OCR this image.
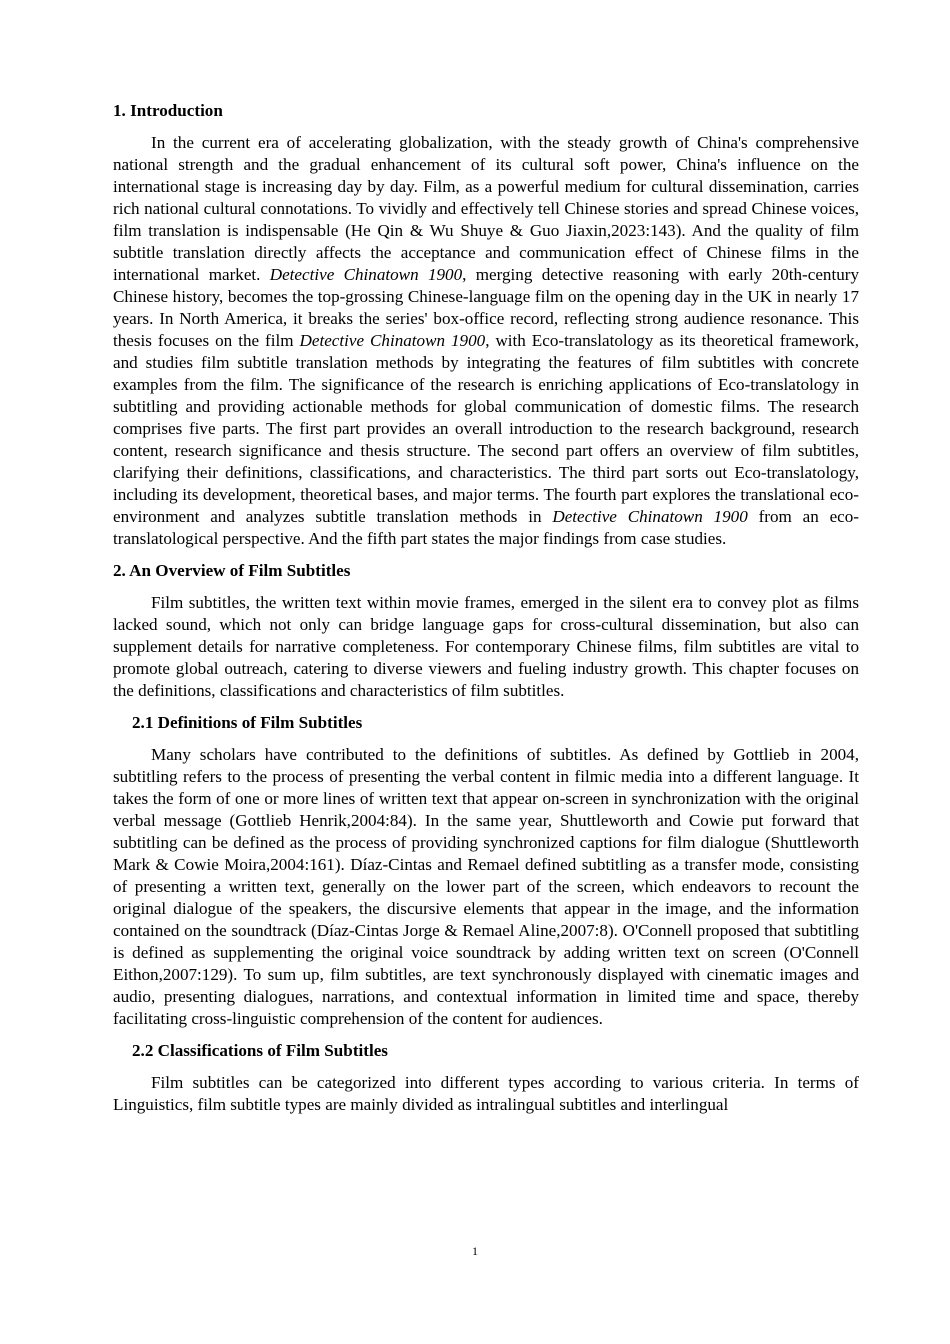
1. Introduction

In the current era of accelerating globalization, with the steady growth of China's comprehensive national strength and the gradual enhancement of its cultural soft power, China's influence on the international stage is increasing day by day. Film, as a powerful medium for cultural dissemination, carries rich national cultural connotations. To vividly and effectively tell Chinese stories and spread Chinese voices, film translation is indispensable (He Qin & Wu Shuye & Guo Jiaxin,2023:143). And the quality of film subtitle translation directly affects the acceptance and communication effect of Chinese films in the international market. Detective Chinatown 1900, merging detective reasoning with early 20th-century Chinese history, becomes the top-grossing Chinese-language film on the opening day in the UK in nearly 17 years. In North America, it breaks the series' box-office record, reflecting strong audience resonance. This thesis focuses on the film Detective Chinatown 1900, with Eco-translatology as its theoretical framework, and studies film subtitle translation methods by integrating the features of film subtitles with concrete examples from the film. The significance of the research is enriching applications of Eco-translatology in subtitling and providing actionable methods for global communication of domestic films. The research comprises five parts. The first part provides an overall introduction to the research background, research content, research significance and thesis structure. The second part offers an overview of film subtitles, clarifying their definitions, classifications, and characteristics. The third part sorts out Eco-translatology, including its development, theoretical bases, and major terms. The fourth part explores the translational eco-environment and analyzes subtitle translation methods in Detective Chinatown 1900 from an eco-translatological perspective. And the fifth part states the major findings from case studies.

2. An Overview of Film Subtitles

Film subtitles, the written text within movie frames, emerged in the silent era to convey plot as films lacked sound, which not only can bridge language gaps for cross-cultural dissemination, but also can supplement details for narrative completeness. For contemporary Chinese films, film subtitles are vital to promote global outreach, catering to diverse viewers and fueling industry growth. This chapter focuses on the definitions, classifications and characteristics of film subtitles.

2.1 Definitions of Film Subtitles

Many scholars have contributed to the definitions of subtitles. As defined by Gottlieb in 2004, subtitling refers to the process of presenting the verbal content in filmic media into a different language. It takes the form of one or more lines of written text that appear on-screen in synchronization with the original verbal message (Gottlieb Henrik,2004:84). In the same year, Shuttleworth and Cowie put forward that subtitling can be defined as the process of providing synchronized captions for film dialogue (Shuttleworth Mark & Cowie Moira,2004:161). Díaz-Cintas and Remael defined subtitling as a transfer mode, consisting of presenting a written text, generally on the lower part of the screen, which endeavors to recount the original dialogue of the speakers, the discursive elements that appear in the image, and the information contained on the soundtrack (Díaz-Cintas Jorge & Remael Aline,2007:8). O'Connell proposed that subtitling is defined as supplementing the original voice soundtrack by adding written text on screen (O'Connell Eithon,2007:129). To sum up, film subtitles, are text synchronously displayed with cinematic images and audio, presenting dialogues, narrations, and contextual information in limited time and space, thereby facilitating cross-linguistic comprehension of the content for audiences.

2.2 Classifications of Film Subtitles

Film subtitles can be categorized into different types according to various criteria. In terms of Linguistics, film subtitle types are mainly divided as intralingual subtitles and interlingual

1
